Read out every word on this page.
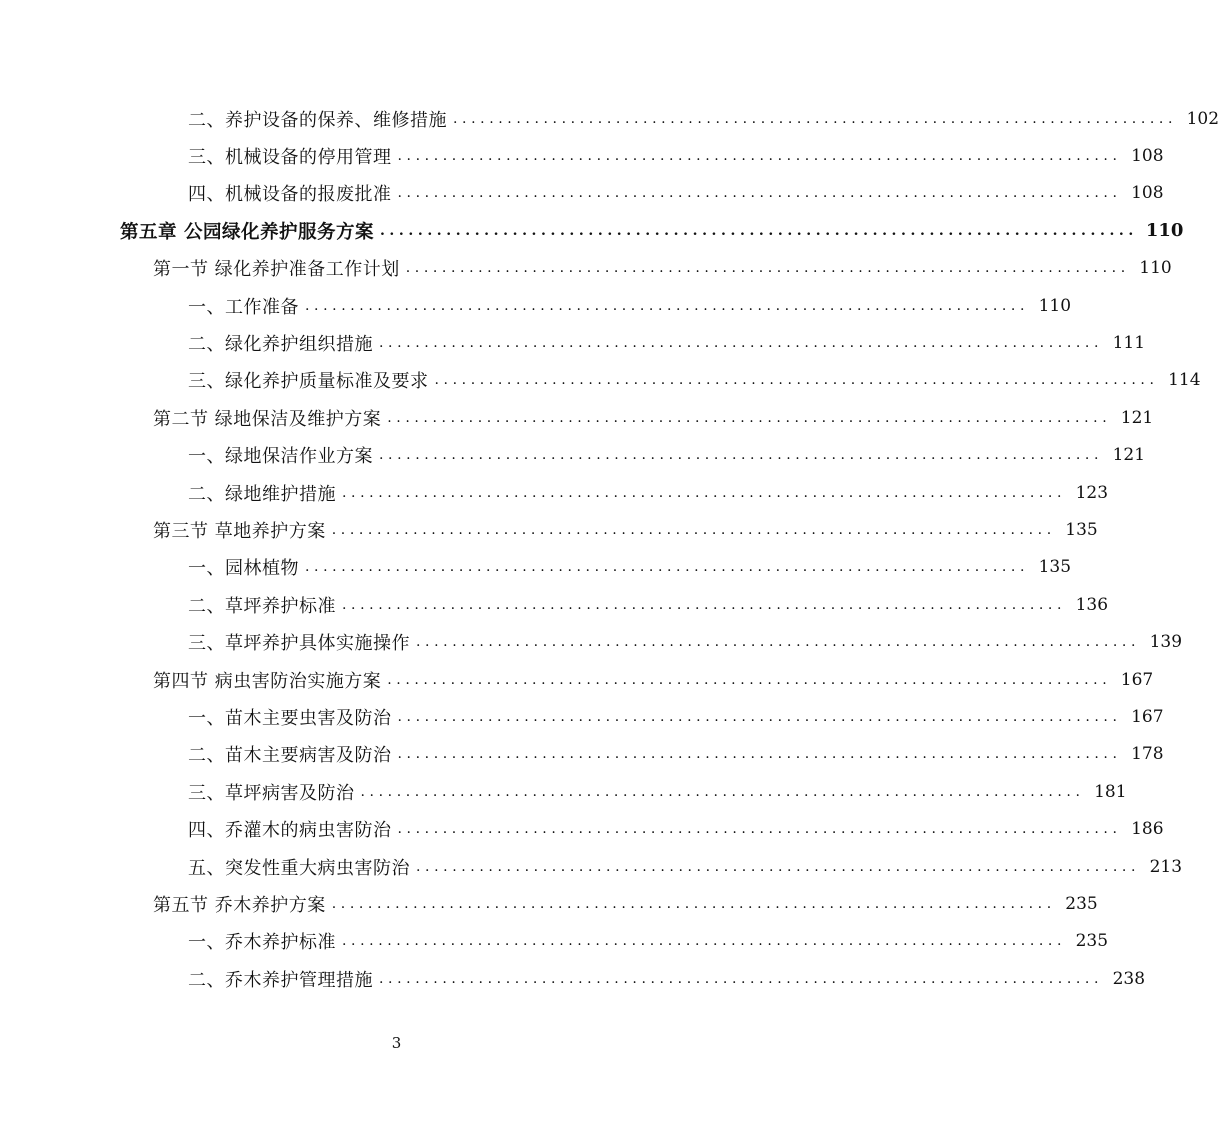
二、养护设备的保养、维修措施 ................................................................................ 102
三、机械设备的停用管理 ................................................................................ 108
四、机械设备的报废批准 ................................................................................ 108
第五章 公园绿化养护服务方案 ................................................................................ 110
第一节 绿化养护准备工作计划 ................................................................................ 110
一、工作准备 ................................................................................ 110
二、绿化养护组织措施 ................................................................................ 111
三、绿化养护质量标准及要求 ................................................................................ 114
第二节 绿地保洁及维护方案 ................................................................................ 121
一、绿地保洁作业方案 ................................................................................ 121
二、绿地维护措施 ................................................................................ 123
第三节 草地养护方案 ................................................................................ 135
一、园林植物 ................................................................................ 135
二、草坪养护标准 ................................................................................ 136
三、草坪养护具体实施操作 ................................................................................ 139
第四节 病虫害防治实施方案 ................................................................................ 167
一、苗木主要虫害及防治 ................................................................................ 167
二、苗木主要病害及防治 ................................................................................ 178
三、草坪病害及防治 ................................................................................ 181
四、乔灌木的病虫害防治 ................................................................................ 186
五、突发性重大病虫害防治 ................................................................................ 213
第五节 乔木养护方案 ................................................................................ 235
一、乔木养护标准 ................................................................................ 235
二、乔木养护管理措施 ................................................................................ 238
3
